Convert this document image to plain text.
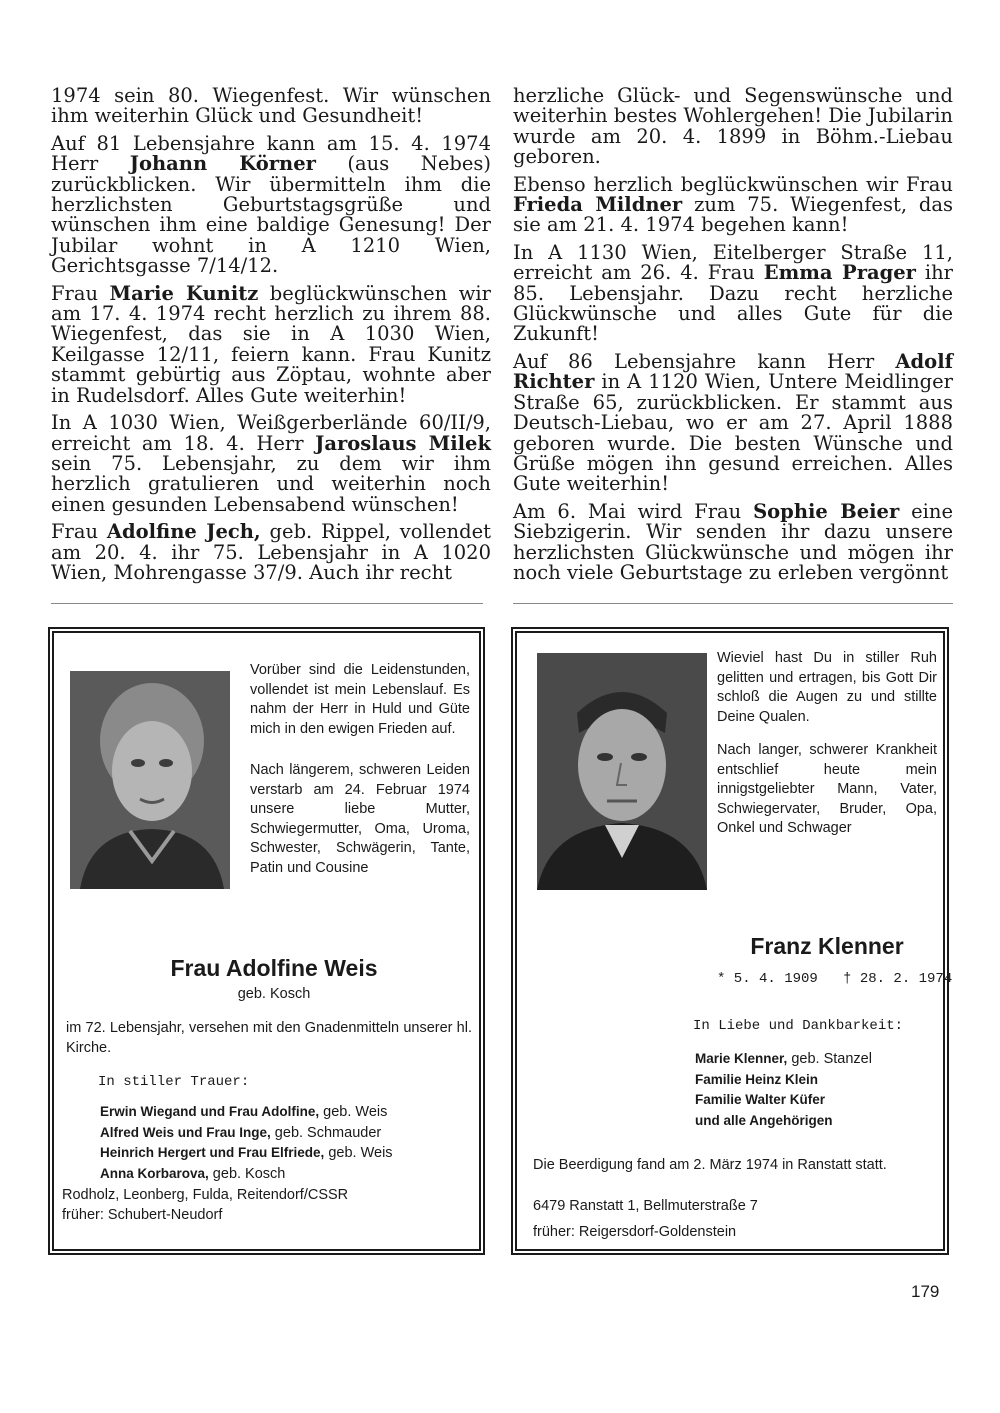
1974 sein 80. Wiegenfest. Wir wünschen ihm weiterhin Glück und Gesundheit!

Auf 81 Lebensjahre kann am 15. 4. 1974 Herr Johann Körner (aus Nebes) zurückblicken. Wir übermitteln ihm die herzlichsten Geburtstagsgrüße und wünschen ihm eine baldige Genesung! Der Jubilar wohnt in A 1210 Wien, Gerichtsgasse 7/14/12.

Frau Marie Kunitz beglückwünschen wir am 17. 4. 1974 recht herzlich zu ihrem 88. Wiegenfest, das sie in A 1030 Wien, Keilgasse 12/11, feiern kann. Frau Kunitz stammt gebürtig aus Zöptau, wohnte aber in Rudelsdorf. Alles Gute weiterhin!

In A 1030 Wien, Weißgerberlände 60/II/9, erreicht am 18. 4. Herr Jaroslaus Milek sein 75. Lebensjahr, zu dem wir ihm herzlich gratulieren und weiterhin noch einen gesunden Lebensabend wünschen!

Frau Adolfine Jech, geb. Rippel, vollendet am 20. 4. ihr 75. Lebensjahr in A 1020 Wien, Mohrengasse 37/9. Auch ihr recht

herzliche Glück- und Segenswünsche und weiterhin bestes Wohlergehen! Die Jubilarin wurde am 20. 4. 1899 in Böhm.-Liebau geboren.

Ebenso herzlich beglückwünschen wir Frau Frieda Mildner zum 75. Wiegenfest, das sie am 21. 4. 1974 begehen kann!

In A 1130 Wien, Eitelberger Straße 11, erreicht am 26. 4. Frau Emma Prager ihr 85. Lebensjahr. Dazu recht herzliche Glückwünsche und alles Gute für die Zukunft!

Auf 86 Lebensjahre kann Herr Adolf Richter in A 1120 Wien, Untere Meidlinger Straße 65, zurückblicken. Er stammt aus Deutsch-Liebau, wo er am 27. April 1888 geboren wurde. Die besten Wünsche und Grüße mögen ihn gesund erreichen. Alles Gute weiterhin!

Am 6. Mai wird Frau Sophie Beier eine Siebzigerin. Wir senden ihr dazu unsere herzlichsten Glückwünsche und mögen ihr noch viele Geburtstage zu erleben vergönnt

Vorüber sind die Leidenstunden, vollendet ist mein Lebenslauf. Es nahm der Herr in Huld und Güte mich in den ewigen Frieden auf.

Nach längerem, schweren Leiden verstarb am 24. Februar 1974 unsere liebe Mutter, Schwiegermutter, Oma, Uroma, Schwester, Schwägerin, Tante, Patin und Cousine

Frau Adolfine Weis
geb. Kosch
im 72. Lebensjahr, versehen mit den Gnadenmitteln unserer hl. Kirche.
In stiller Trauer:
Erwin Wiegand und Frau Adolfine, geb. Weis
Alfred Weis und Frau Inge, geb. Schmauder
Heinrich Hergert und Frau Elfriede, geb. Weis
Anna Korbarova, geb. Kosch
Rodholz, Leonberg, Fulda, Reitendorf/CSSR
früher: Schubert-Neudorf

Wieviel hast Du in stiller Ruh gelitten und ertragen, bis Gott Dir schloß die Augen zu und stillte Deine Qualen.

Nach langer, schwerer Krankheit entschlief heute mein innigstgeliebter Mann, Vater, Schwiegervater, Bruder, Opa, Onkel und Schwager

Franz Klenner
* 5. 4. 1909   † 28. 2. 1974
In Liebe und Dankbarkeit:
Marie Klenner, geb. Stanzel
Familie Heinz Klein
Familie Walter Küfer
und alle Angehörigen
Die Beerdigung fand am 2. März 1974 in Ranstatt statt.
6479 Ranstatt 1, Bellmuterstraße 7
früher: Reigersdorf-Goldenstein
179
